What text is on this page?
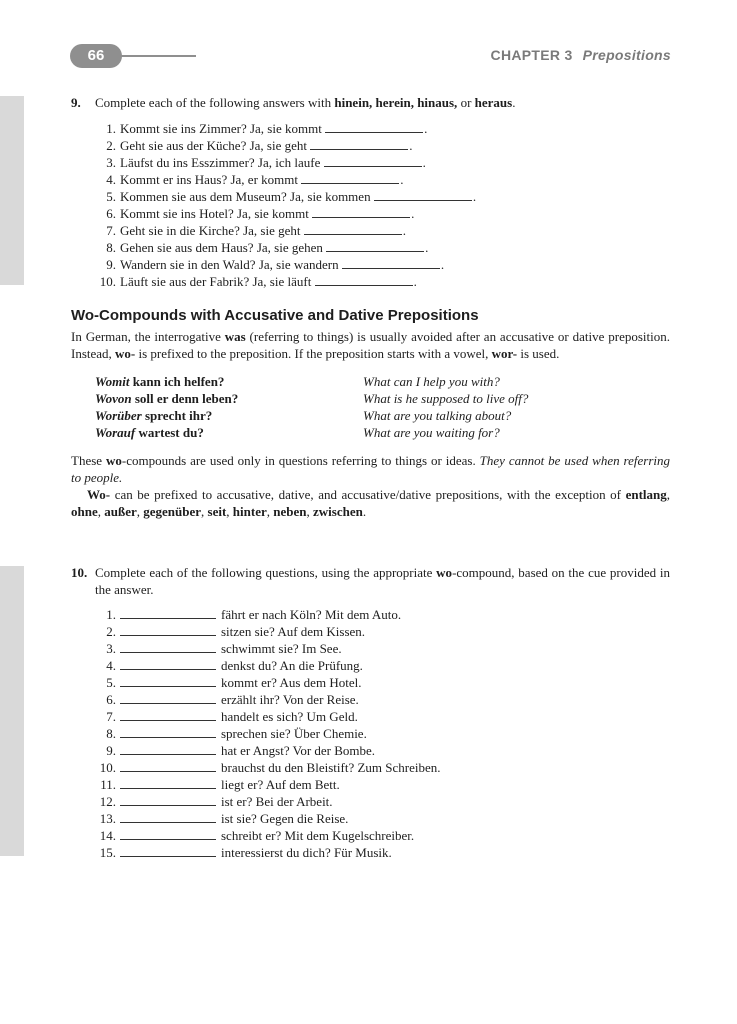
66	CHAPTER 3 Prepositions
9. Complete each of the following answers with hinein, herein, hinaus, or heraus.
1. Kommt sie ins Zimmer? Ja, sie kommt	.
2. Geht sie aus der Küche? Ja, sie geht	.
3. Läufst du ins Esszimmer? Ja, ich laufe	.
4. Kommt er ins Haus? Ja, er kommt	.
5. Kommen sie aus dem Museum? Ja, sie kommen	.
6. Kommt sie ins Hotel? Ja, sie kommt	.
7. Geht sie in die Kirche? Ja, sie geht	.
8. Gehen sie aus dem Haus? Ja, sie gehen	.
9. Wandern sie in den Wald? Ja, sie wandern	.
10. Läuft sie aus der Fabrik? Ja, sie läuft	.
Wo-Compounds with Accusative and Dative Prepositions

In German, the interrogative was (referring to things) is usually avoided after an accusative or dative preposition. Instead, wo- is prefixed to the preposition. If the preposition starts with a vowel, wor- is used.

Womit kann ich helfen?	What can I help you with?
Wovon soll er denn leben?	What is he supposed to live off?
Worüber sprecht ihr?	What are you talking about?
Worauf wartest du?	What are you waiting for?

These wo-compounds are used only in questions referring to things or ideas. They cannot be used when referring to people.

Wo- can be prefixed to accusative, dative, and accusative/dative prepositions, with the exception of entlang, ohne, außer, gegenüber, seit, hinter, neben, zwischen.

10. Complete each of the following questions, using the appropriate wo-compound, based on the cue provided in the answer.
1.	fährt er nach Köln? Mit dem Auto.
2.	sitzen sie? Auf dem Kissen.
3.	schwimmt sie? Im See.
4.	denkst du? An die Prüfung.
5.	kommt er? Aus dem Hotel.
6.	erzählt ihr? Von der Reise.
7.	handelt es sich? Um Geld.
8.	sprechen sie? Über Chemie.
9.	hat er Angst? Vor der Bombe.
10.	brauchst du den Bleistift? Zum Schreiben.
11.	liegt er? Auf dem Bett.
12.	ist er? Bei der Arbeit.
13.	ist sie? Gegen die Reise.
14.	schreibt er? Mit dem Kugelschreiber.
15.	interessierst du dich? Für Musik.
